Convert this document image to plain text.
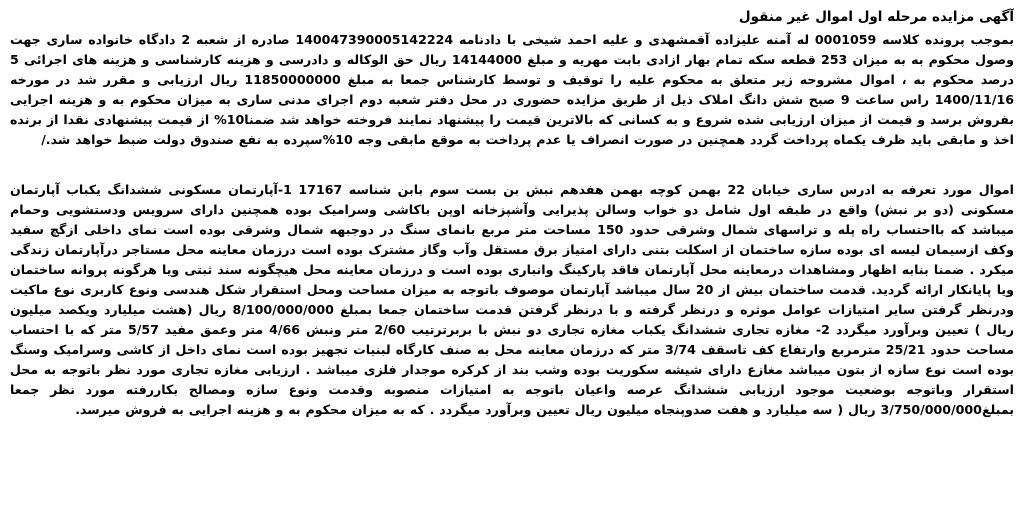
آگهی مزایده مرحله اول اموال غیر منقول

بموجب پرونده کلاسه 0001059 له آمنه علیزاده آقمشهدی و علیه احمد شیخی با دادنامه 140047390005142224 صادره از شعبه 2 دادگاه خانواده ساری جهت وصول محکوم به به میزان 253 قطعه سکه تمام بهار ازادی بابت مهریه و مبلغ 14144000 ریال حق الوکاله و دادرسی و هزینه کارشناسی و هزینه های اجرائی 5 درصد محکوم به ، اموال مشروحه زیر متعلق به محکوم علیه را توقیف و توسط کارشناس جمعا به مبلغ 11850000000 ریال ارزیابی و مقرر شد در مورخه 1400/11/16 راس ساعت 9 صبح شش دانگ املاک ذیل از طریق مزایده حضوری در محل دفتر شعبه دوم اجرای مدنی ساری به میزان محکوم به و هزینه اجرایی بفروش برسد و قیمت از میزان ارزیابی شده شروع و به کسانی که بالاترین قیمت را پیشنهاد نمایند فروخته خواهد شد ضمنا10% از قیمت پیشنهادی نقدا از برنده اخذ و مابقی باید ظرف یکماه پرداخت گردد همچنین در صورت انصراف یا عدم پرداخت به موقع مابقی وجه 10%سپرده به نفع صندوق دولت ضبط خواهد شد./

اموال مورد تعرفه به ادرس ساری خیابان 22 بهمن کوچه بهمن هفدهم نبش بن بست سوم بابن شناسه 17167 1-آپارتمان مسکونی ششدانگ یکباب آپارتمان مسکونی (دو بر نبش) واقع در طبقه اول شامل دو خواب وسالن پذیرایی وآشپزخانه اوپن باکاشی وسرامیک بوده همچنین دارای سرویس ودستشویی وحمام میباشد که بااحتساب راه پله و تراسهای شمال وشرقی حدود 150 مساحت متر مربع بانمای سنگ در دوجبهه شمال وشرقی بوده است نمای داخلی ازگچ سفید وکف ازسیمان لیسه ای بوده سازه ساختمان از اسکلت بتنی دارای امتیاز برق مستقل وآب وگاز مشترک بوده است درزمان معاینه محل مستاجر درآپارتمان زندگی میکرد . ضمنا بنابه اظهار ومشاهدات درمعاینه محل آپارتمان فاقد پارکینگ وانباری بوده است و درزمان معاینه محل هیچگونه سند ثبتی ویا هرگونه پروانه ساختمان ویا پایانکار ارائه گردید. قدمت ساختمان بیش از 20 سال میباشد آپارتمان موصوف باتوجه به میزان مساحت ومحل استقرار شکل هندسی ونوع کاربری نوع ماکیت ودرنظر گرفتن سایر امتیازات عوامل موثره و درنظر گرفته و با درنظر گرفتن قدمت ساختمان جمعا بمبلغ 8/100/000/000 ریال (هشت میلیارد ویکصد میلیون ریال ) تعیین وبرآورد میگردد 2- مغازه تجاری ششدانگ یکباب مغازه تجاری دو نبش با بربرترتیب 2/60 متر ونبش 4/66 متر وعمق مفید 5/57 متر که با احتساب مساحت حدود 25/21 مترمربع وارتفاع کف تاسقف 3/74 متر که درزمان معاینه محل به صنف کارگاه لبنیات تجهیز بوده است نمای داخل از کاشی وسرامیک وسنگ بوده است نوع سازه از بتون میباشد مغازع دارای شیشه سکوریت بوده وشب بند از کرکره موجدار فلزی میباشد . ارزیابی مغازه تجاری مورد نظر باتوجه به محل استقرار وباتوجه بوضعیت موجود ارزیابی ششدانگ عرصه واعیان باتوجه به امتیازات منصوبه وقدمت ونوع سازه ومصالح بکاررفته مورد نظر جمعا بمبلغ3/750/000/000 ریال ( سه میلیارد و هفت صدوپنجاه میلیون ریال تعیین وبرآورد میگردد . که به میزان محکوم به و هزینه اجرایی به فروش میرسد.
